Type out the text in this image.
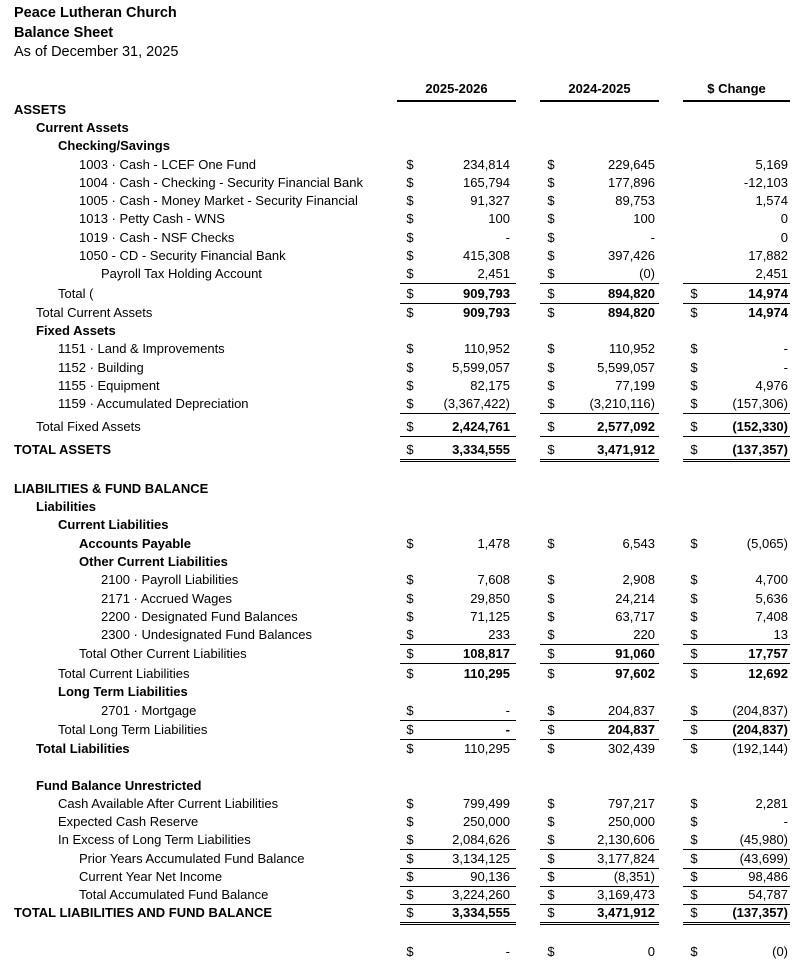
Peace Lutheran Church
Balance Sheet
As of December 31, 2025
2025-2026	2024-2025	$ Change
ASSETS
Current Assets
Checking/Savings
1003 · Cash - LCEF One Fund	$	234,814	$	229,645	5,169
1004 · Cash - Checking - Security Financial Bank	$	165,794	$	177,896	-12,103
1005 · Cash - Money Market - Security Financial	$	91,327	$	89,753	1,574
1013 · Petty Cash - WNS	$	100	$	100	0
1019 · Cash - NSF Checks	$	-	$	-	0
1050 - CD - Security Financial Bank	$	415,308	$	397,426	17,882
Payroll Tax Holding Account	$	2,451	$	(0)	2,451
Total (	$	909,793	$	894,820	$	14,974
Total Current Assets	$	909,793	$	894,820	$	14,974
Fixed Assets
1151 · Land & Improvements	$	110,952	$	110,952	$	-
1152 · Building	$	5,599,057	$	5,599,057	$	-
1155 · Equipment	$	82,175	$	77,199	$	4,976
1159 · Accumulated Depreciation	$ (3,367,422)	$	(3,210,116)	$	(157,306)
Total Fixed Assets	$	2,424,761	$	2,577,092	$	(152,330)
TOTAL ASSETS	$	3,334,555	$	3,471,912	$	(137,357)
LIABILITIES & FUND BALANCE
Liabilities
Current Liabilities
Accounts Payable	$	1,478	$	6,543	$	(5,065)
Other Current Liabilities
2100 · Payroll Liabilities	$	7,608	$	2,908	$	4,700
2171 · Accrued Wages	$	29,850	$	24,214	$	5,636
2200 · Designated Fund Balances	$	71,125	$	63,717	$	7,408
2300 · Undesignated Fund Balances	$	233	$	220	$	13
Total Other Current Liabilities	$	108,817	$	91,060	$	17,757
Total Current Liabilities	$	110,295	$	97,602	$	12,692
Long Term Liabilities
2701 · Mortgage	$	-	$	204,837	$	(204,837)
Total Long Term Liabilities	$	-	$	204,837	$	(204,837)
Total Liabilities	$	110,295	$	302,439	$	(192,144)
Fund Balance Unrestricted
Cash Available After Current Liabilities	$	799,499	$	797,217	$	2,281
Expected Cash Reserve	$	250,000	$	250,000	$	-
In Excess of Long Term Liabilities	$	2,084,626	$	2,130,606	$	(45,980)
Prior Years Accumulated Fund Balance	$	3,134,125	$	3,177,824	$	(43,699)
Current Year Net Income	$	90,136	$	(8,351)	$	98,486
Total Accumulated Fund Balance	$	3,224,260	$	3,169,473	$	54,787
TOTAL LIABILITIES AND FUND BALANCE	$	3,334,555	$	3,471,912	$	(137,357)
$	-	$	0	$	(0)
